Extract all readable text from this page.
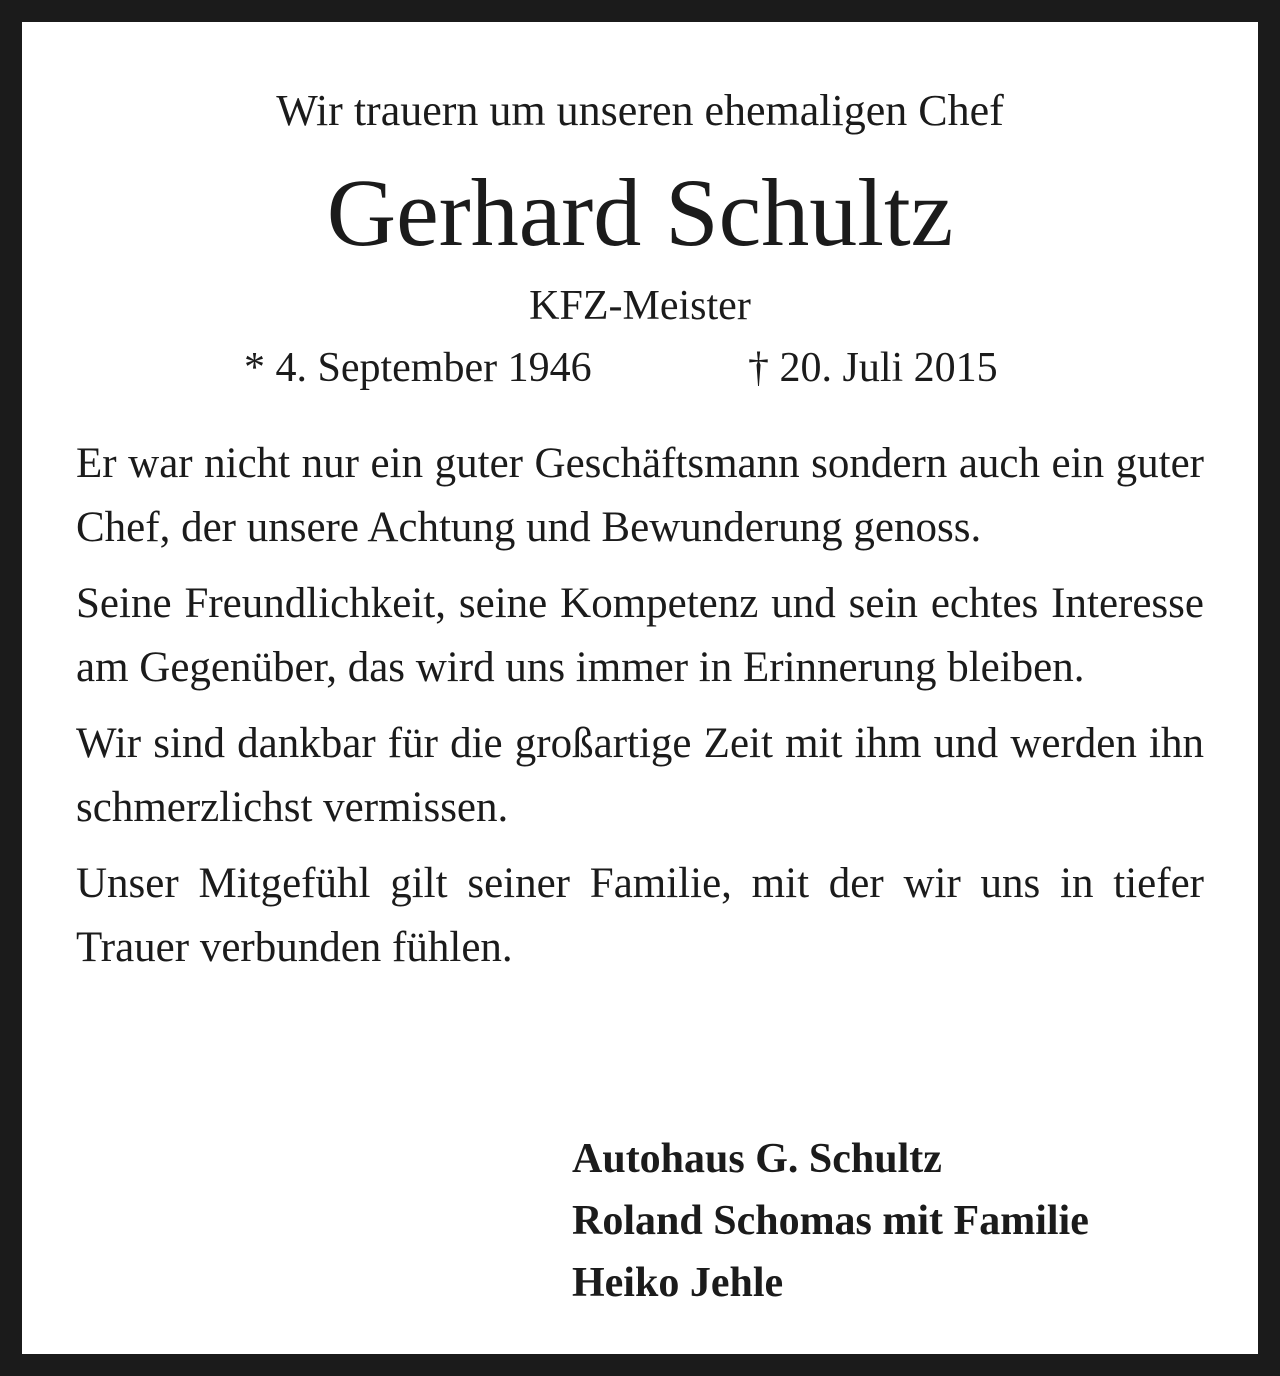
Wir trauern um unseren ehemaligen Chef
Gerhard Schultz
KFZ-Meister
* 4. September 1946	† 20. Juli 2015

Er war nicht nur ein guter Geschäftsmann sondern auch ein guter Chef, der unsere Achtung und Bewunderung genoss.

Seine Freundlichkeit, seine Kompetenz und sein echtes Interesse am Gegenüber, das wird uns immer in Erinnerung bleiben.

Wir sind dankbar für die großartige Zeit mit ihm und werden ihn schmerzlichst vermissen.

Unser Mitgefühl gilt seiner Familie, mit der wir uns in tiefer Trauer verbunden fühlen.

Autohaus G. Schultz
Roland Schomas mit Familie
Heiko Jehle
